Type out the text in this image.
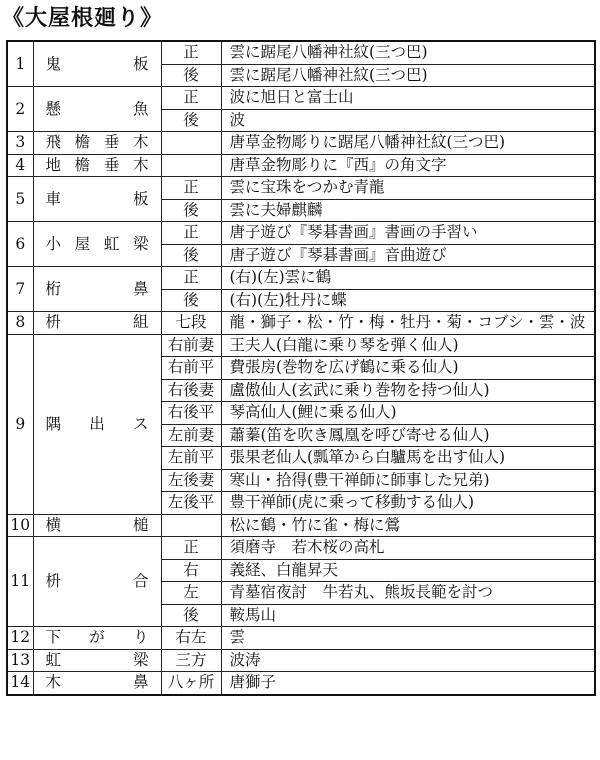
《大屋根廻り》
1	鬼 板	正	雲に踞尾八幡神社紋(三つ巴)
		後	雲に踞尾八幡神社紋(三つ巴)
2	懸 魚	正	波に旭日と富士山
		後	波
3	飛 檐 垂 木		唐草金物彫りに踞尾八幡神社紋(三つ巴)
4	地 檐 垂 木		唐草金物彫りに『西』の角文字
5	車 板	正	雲に宝珠をつかむ青龍
		後	雲に夫婦麒麟
6	小 屋 虹 梁	正	唐子遊び『琴碁書画』書画の手習い
		後	唐子遊び『琴碁書画』音曲遊び
7	桁 鼻	正	(右)(左)雲に鶴
		後	(右)(左)牡丹に蝶
8	枡 組	七段	龍・獅子・松・竹・梅・牡丹・菊・コブシ・雲・波
9	隅 出 ス	右前妻	王夫人(白龍に乗り琴を弾く仙人)
		右前平	費張房(巻物を広げ鶴に乗る仙人)
		右後妻	盧傲仙人(玄武に乗り巻物を持つ仙人)
		右後平	琴高仙人(鯉に乗る仙人)
		左前妻	蕭蓁(笛を吹き鳳凰を呼び寄せる仙人)
		左前平	張果老仙人(瓢箪から白驢馬を出す仙人)
		左後妻	寒山・拾得(豊干禅師に師事した兄弟)
		左後平	豊干禅師(虎に乗って移動する仙人)
10	横 槌		松に鶴・竹に雀・梅に鶯
11	枡 合	正	須磨寺　若木桜の高札
		右	義経、白龍昇天
		左	青墓宿夜討　牛若丸、熊坂長範を討つ
		後	鞍馬山
12	下 が り	右左	雲
13	虹 梁	三方	波涛
14	木 鼻	八ヶ所	唐獅子
